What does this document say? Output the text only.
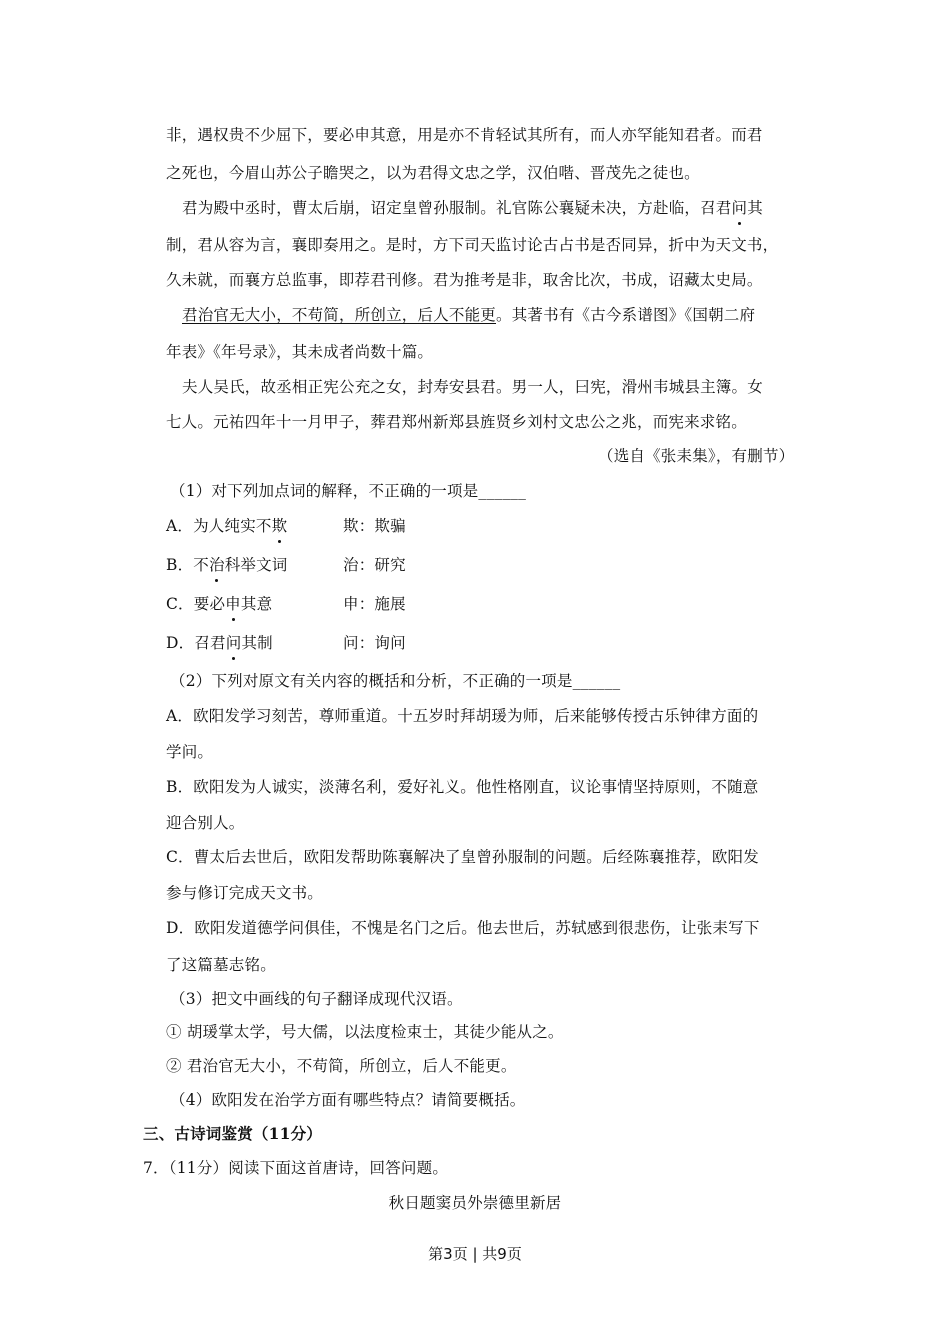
非，遇权贵不少屈下，要必申其意，用是亦不肯轻试其所有，而人亦罕能知君者。而君
之死也，今眉山苏公子瞻哭之，以为君得文忠之学，汉伯喈、晋茂先之徒也。
君为殿中丞时，曹太后崩，诏定皇曾孙服制。礼官陈公襄疑未决，方赴临，召君问其
制，君从容为言，襄即奏用之。是时，方下司天监讨论古占书是否同异，折中为天文书，
久未就，而襄方总监事，即荐君刊修。君为推考是非，取舍比次，书成，诏藏太史局。
君治官无大小，不苟简，所创立，后人不能更。其著书有《古今系谱图》《国朝二府
年表》《年号录》，其未成者尚数十篇。
夫人吴氏，故丞相正宪公充之女，封寿安县君。男一人，曰宪，滑州韦城县主簿。女
七人。元祐四年十一月甲子，葬君郑州新郑县旌贤乡刘村文忠公之兆，而宪来求铭。
（选自《张耒集》，有删节）
（1）对下列加点词的解释，不正确的一项是______
A．为人纯实不欺	欺：欺骗
B．不治科举文词	治：研究
C．要必申其意	申：施展
D．召君问其制	问：询问
（2）下列对原文有关内容的概括和分析，不正确的一项是______
A．欧阳发学习刻苦，尊师重道。十五岁时拜胡瑗为师，后来能够传授古乐钟律方面的
学问。
B．欧阳发为人诚实，淡薄名利，爱好礼义。他性格刚直，议论事情坚持原则，不随意
迎合别人。
C．曹太后去世后，欧阳发帮助陈襄解决了皇曾孙服制的问题。后经陈襄推荐，欧阳发
参与修订完成天文书。
D．欧阳发道德学问俱佳，不愧是名门之后。他去世后，苏轼感到很悲伤，让张耒写下
了这篇墓志铭。
（3）把文中画线的句子翻译成现代汉语。
① 胡瑗掌太学，号大儒，以法度检束士，其徒少能从之。
② 君治官无大小，不苟简，所创立，后人不能更。
（4）欧阳发在治学方面有哪些特点？请简要概括。
三、古诗词鉴赏（11分）
7．（11分）阅读下面这首唐诗，回答问题。
秋日题窦员外崇德里新居
第3页 | 共9页
